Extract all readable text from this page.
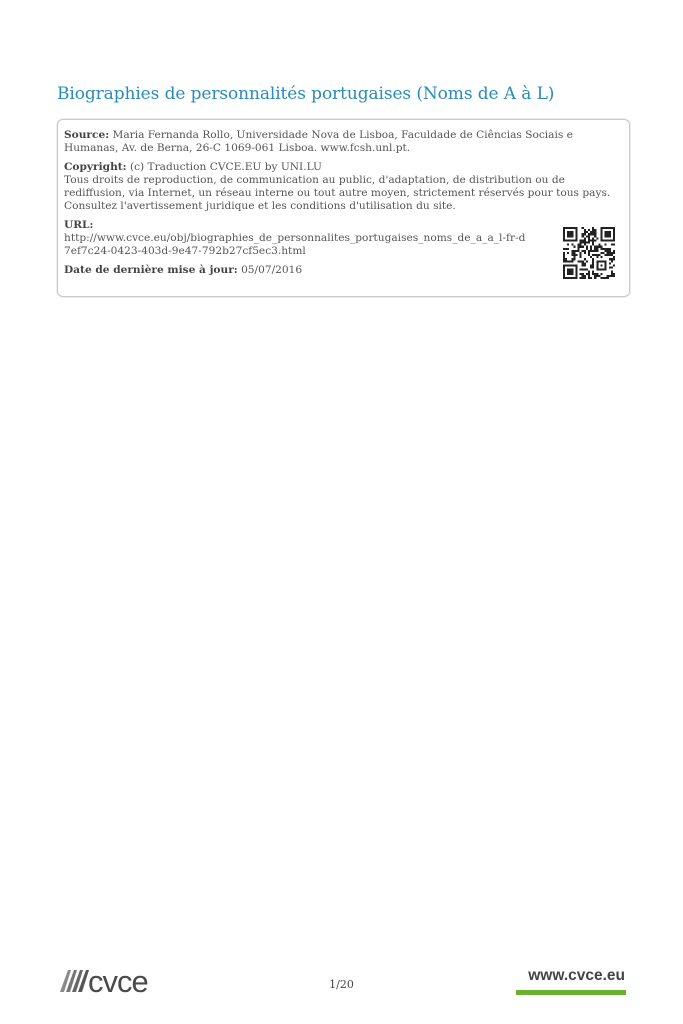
Biographies de personnalités portugaises (Noms de A à L)

Source: Maria Fernanda Rollo, Universidade Nova de Lisboa, Faculdade de Ciências Sociais e Humanas, Av. de Berna, 26-C 1069-061 Lisboa. www.fcsh.unl.pt.

Copyright: (c) Traduction CVCE.EU by UNI.LU
Tous droits de reproduction, de communication au public, d'adaptation, de distribution ou de rediffusion, via Internet, un réseau interne ou tout autre moyen, strictement réservés pour tous pays.
Consultez l'avertissement juridique et les conditions d'utilisation du site.

URL:

http://www.cvce.eu/obj/biographies_de_personnalites_portugaises_noms_de_a_a_l-fr-d7ef7c24-0423-403d-9e47-792b27cf5ec3.html

Date de dernière mise à jour: 05/07/2016

cvce	1/20
www.cvce.eu
